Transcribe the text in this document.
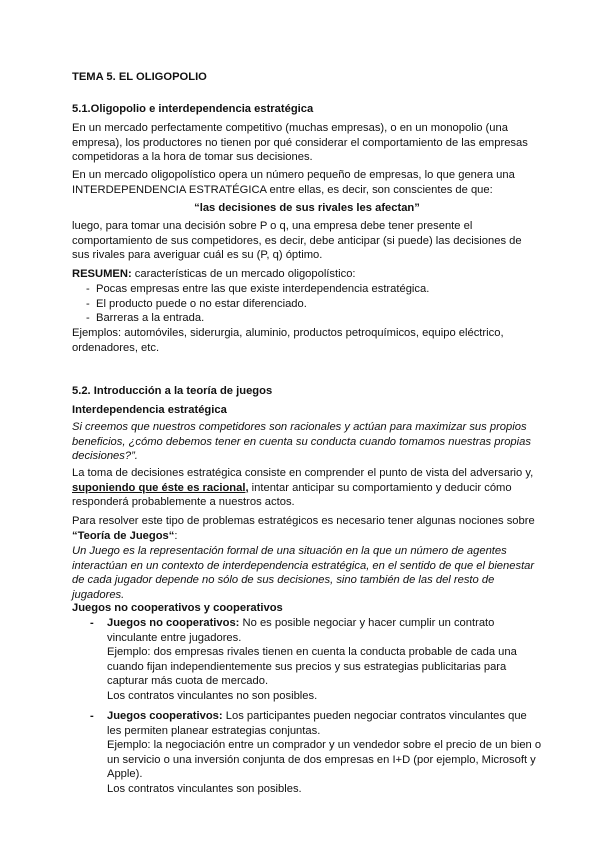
TEMA 5. EL OLIGOPOLIO
5.1.Oligopolio e interdependencia estratégica
En un mercado perfectamente competitivo (muchas empresas), o en un monopolio (una empresa), los productores no tienen por qué considerar el comportamiento de las empresas competidoras a la hora de tomar sus decisiones.
En un mercado oligopolístico opera un número pequeño de empresas, lo que genera una INTERDEPENDENCIA ESTRATÉGICA entre ellas, es decir, son conscientes de que:
“las decisiones de sus rivales les afectan”
luego, para tomar una decisión sobre P o q, una empresa debe tener presente el comportamiento de sus competidores, es decir, debe anticipar (si puede) las decisiones de sus rivales para averiguar cuál es su (P, q) óptimo.
RESUMEN: características de un mercado oligopolístico:
- Pocas empresas entre las que existe interdependencia estratégica.
- El producto puede o no estar diferenciado.
- Barreras a la entrada.
Ejemplos: automóviles, siderurgia, aluminio, productos petroquímicos, equipo eléctrico, ordenadores, etc.
5.2. Introducción a la teoría de juegos
Interdependencia estratégica
Si creemos que nuestros competidores son racionales y actúan para maximizar sus propios beneficios, ¿cómo debemos tener en cuenta su conducta cuando tomamos nuestras propias decisiones?”.
La toma de decisiones estratégica consiste en comprender el punto de vista del adversario y, suponiendo que éste es racional, intentar anticipar su comportamiento y deducir cómo responderá probablemente a nuestros actos.
Para resolver este tipo de problemas estratégicos es necesario tener algunas nociones sobre
“Teoría de Juegos“:
Un Juego es la representación formal de una situación en la que un número de agentes interactúan en un contexto de interdependencia estratégica, en el sentido de que el bienestar de cada jugador depende no sólo de sus decisiones, sino también de las del resto de jugadores.
Juegos no cooperativos y cooperativos
- Juegos no cooperativos: No es posible negociar y hacer cumplir un contrato vinculante entre jugadores.
Ejemplo: dos empresas rivales tienen en cuenta la conducta probable de cada una cuando fijan independientemente sus precios y sus estrategias publicitarias para capturar más cuota de mercado.
Los contratos vinculantes no son posibles.
- Juegos cooperativos: Los participantes pueden negociar contratos vinculantes que les permiten planear estrategias conjuntas.
Ejemplo: la negociación entre un comprador y un vendedor sobre el precio de un bien o un servicio o una inversión conjunta de dos empresas en I+D (por ejemplo, Microsoft y Apple).
Los contratos vinculantes son posibles.
